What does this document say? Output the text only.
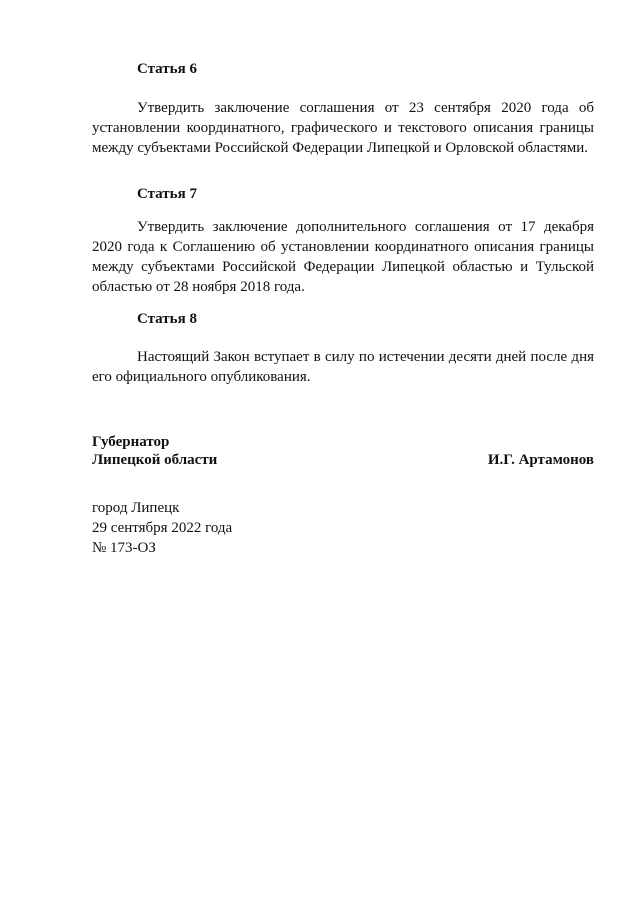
Статья 6
Утвердить заключение соглашения от 23 сентября 2020 года об установлении координатного, графического и текстового описания границы между субъектами Российской Федерации Липецкой и Орловской областями.
Статья 7
Утвердить заключение дополнительного соглашения от 17 декабря 2020 года к Соглашению об установлении координатного описания границы между субъектами Российской Федерации Липецкой областью и Тульской областью от 28 ноября 2018 года.
Статья 8
Настоящий Закон вступает в силу по истечении десяти дней после дня его официального опубликования.
Губернатор
Липецкой области	И.Г. Артамонов
город Липецк
29 сентября 2022 года
№ 173-ОЗ
